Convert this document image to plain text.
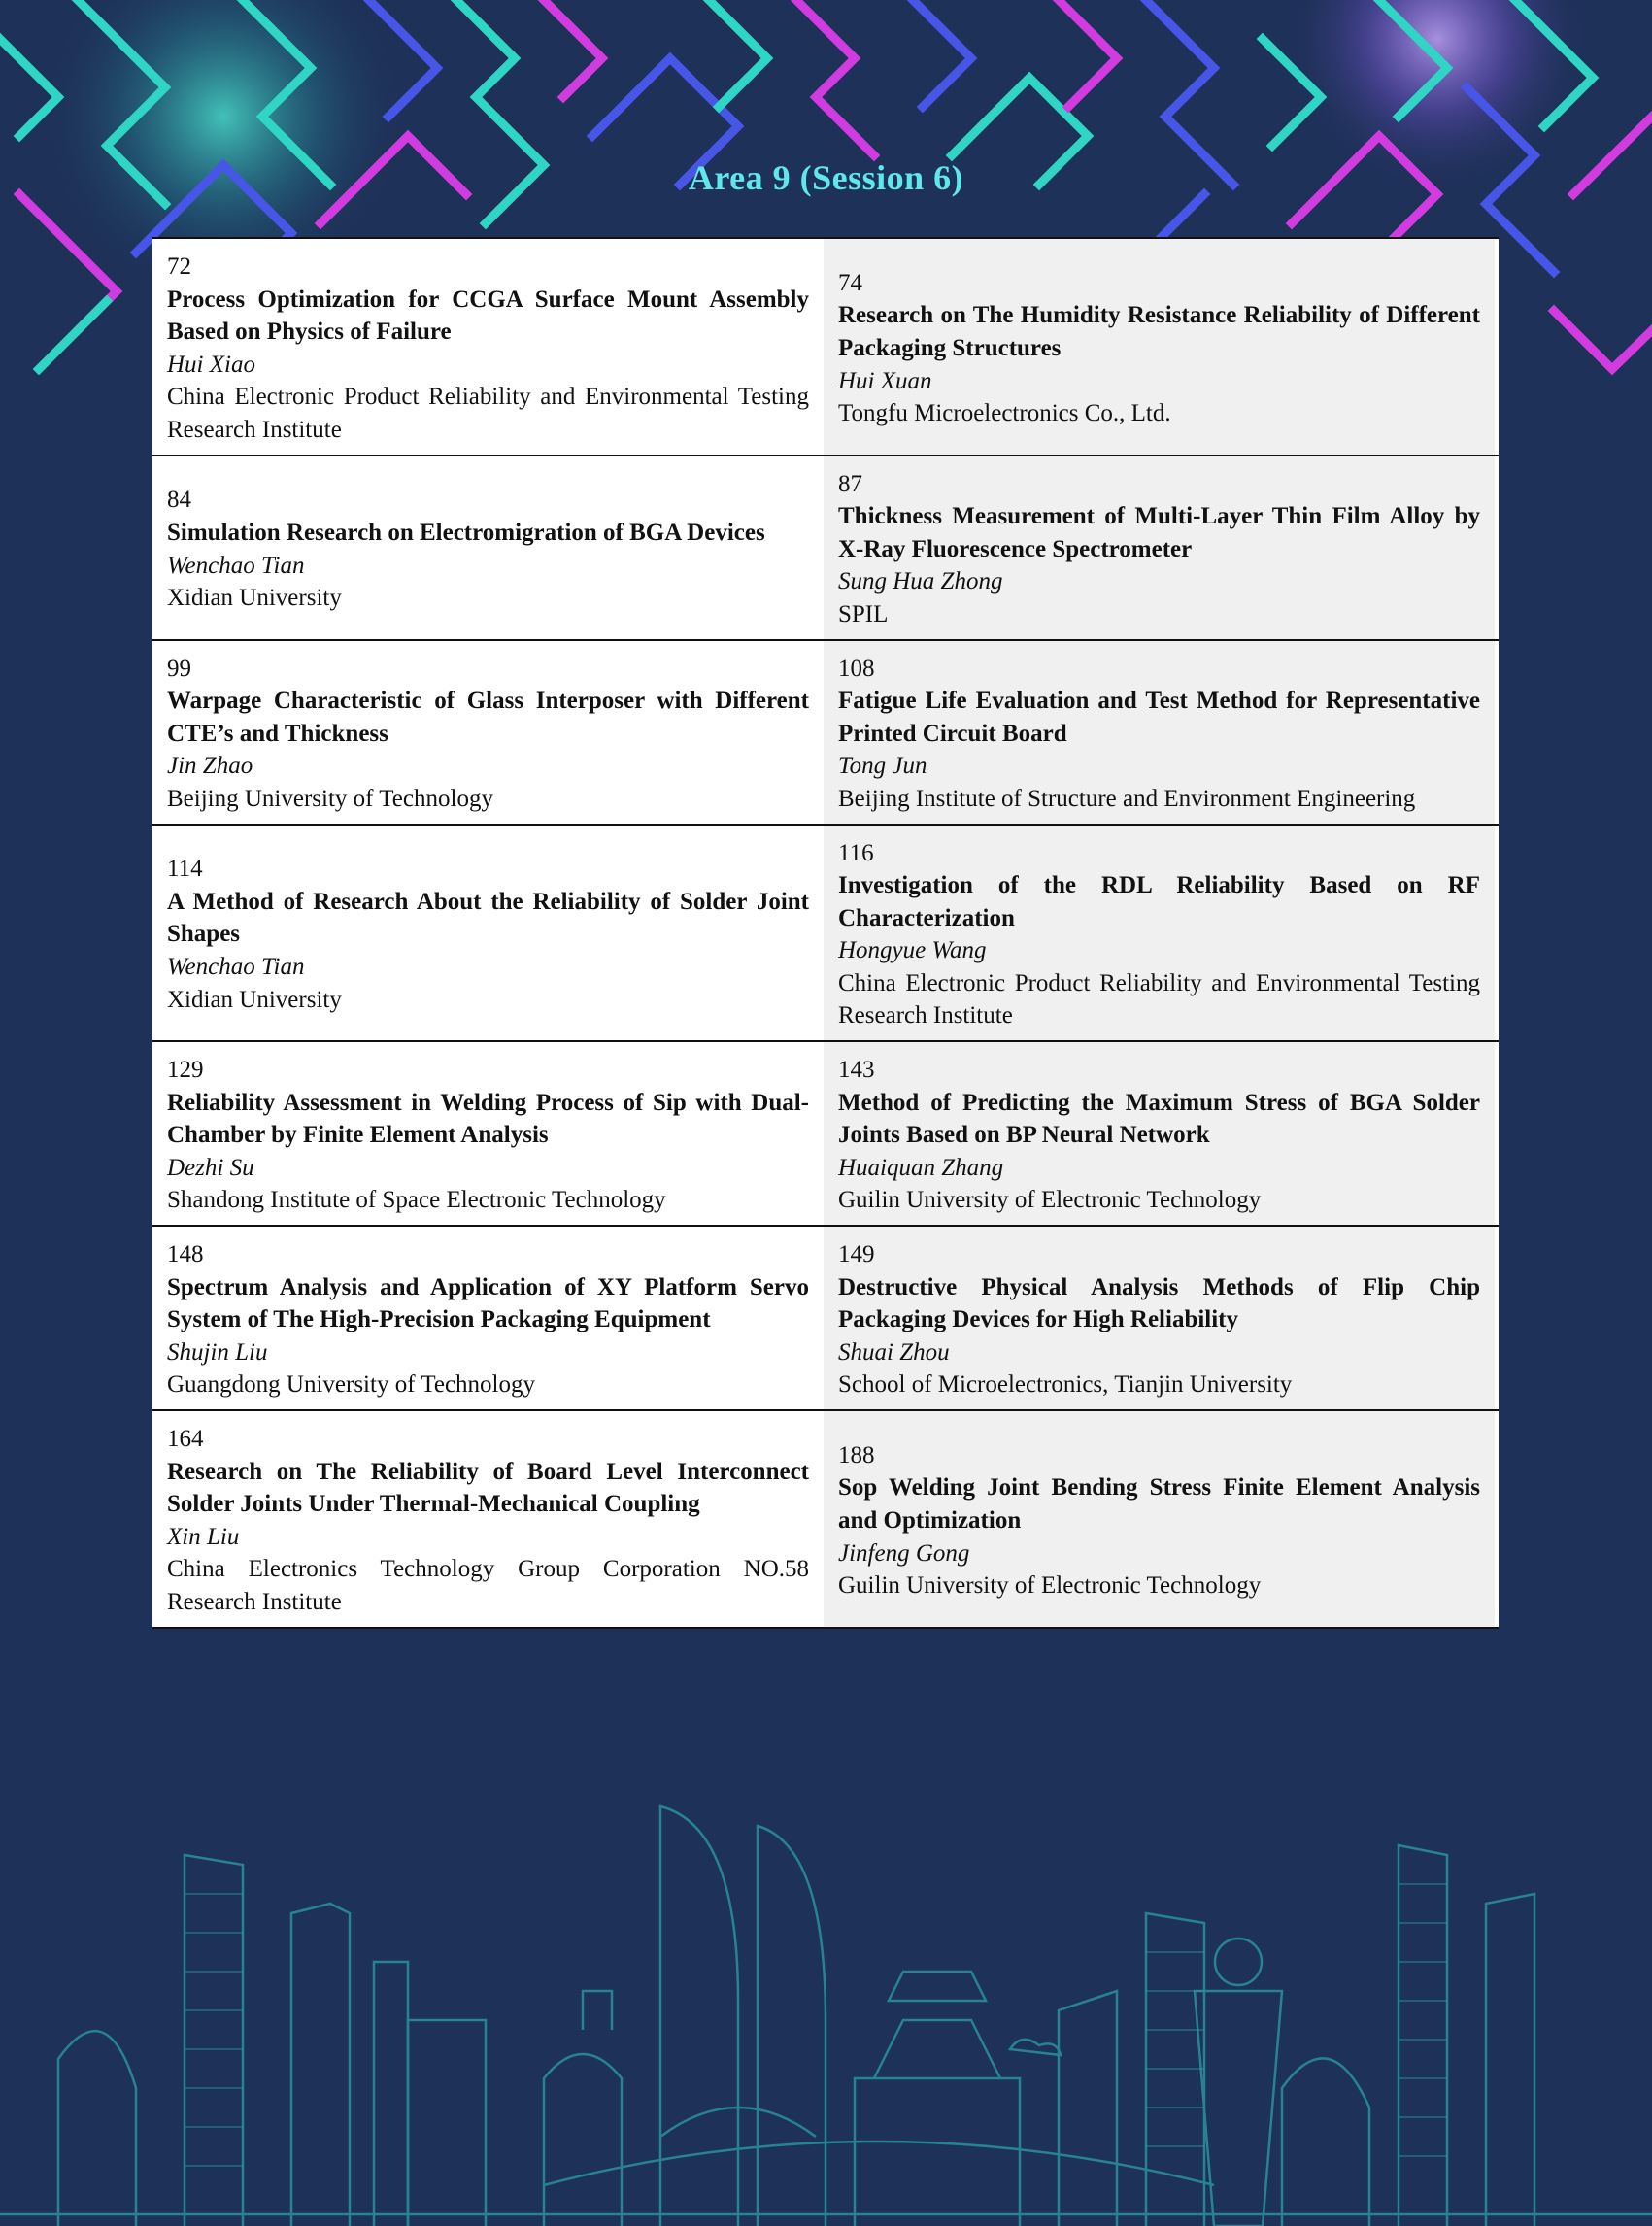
Area 9 (Session 6)
72
Process Optimization for CCGA Surface Mount Assembly Based on Physics of Failure
Hui Xiao
China Electronic Product Reliability and Environmental Testing Research Institute
74
Research on The Humidity Resistance Reliability of Different Packaging Structures
Hui Xuan
Tongfu Microelectronics Co., Ltd.
84
Simulation Research on Electromigration of BGA Devices
Wenchao Tian
Xidian University
87
Thickness Measurement of Multi-Layer Thin Film Alloy by X-Ray Fluorescence Spectrometer
Sung Hua Zhong
SPIL
99
Warpage Characteristic of Glass Interposer with Different CTE’s and Thickness
Jin Zhao
Beijing University of Technology
108
Fatigue Life Evaluation and Test Method for Representative Printed Circuit Board
Tong Jun
Beijing Institute of Structure and Environment Engineering
114
A Method of Research About the Reliability of Solder Joint Shapes
Wenchao Tian
Xidian University
116
Investigation of the RDL Reliability Based on RF Characterization
Hongyue Wang
China Electronic Product Reliability and Environmental Testing Research Institute
129
Reliability Assessment in Welding Process of Sip with Dual-Chamber by Finite Element Analysis
Dezhi Su
Shandong Institute of Space Electronic Technology
143
Method of Predicting the Maximum Stress of BGA Solder Joints Based on BP Neural Network
Huaiquan Zhang
Guilin University of Electronic Technology
148
Spectrum Analysis and Application of XY Platform Servo System of The High-Precision Packaging Equipment
Shujin Liu
Guangdong University of Technology
149
Destructive Physical Analysis Methods of Flip Chip Packaging Devices for High Reliability
Shuai Zhou
School of Microelectronics, Tianjin University
164
Research on The Reliability of Board Level Interconnect Solder Joints Under Thermal-Mechanical Coupling
Xin Liu
China Electronics Technology Group Corporation NO.58 Research Institute
188
Sop Welding Joint Bending Stress Finite Element Analysis and Optimization
Jinfeng Gong
Guilin University of Electronic Technology
